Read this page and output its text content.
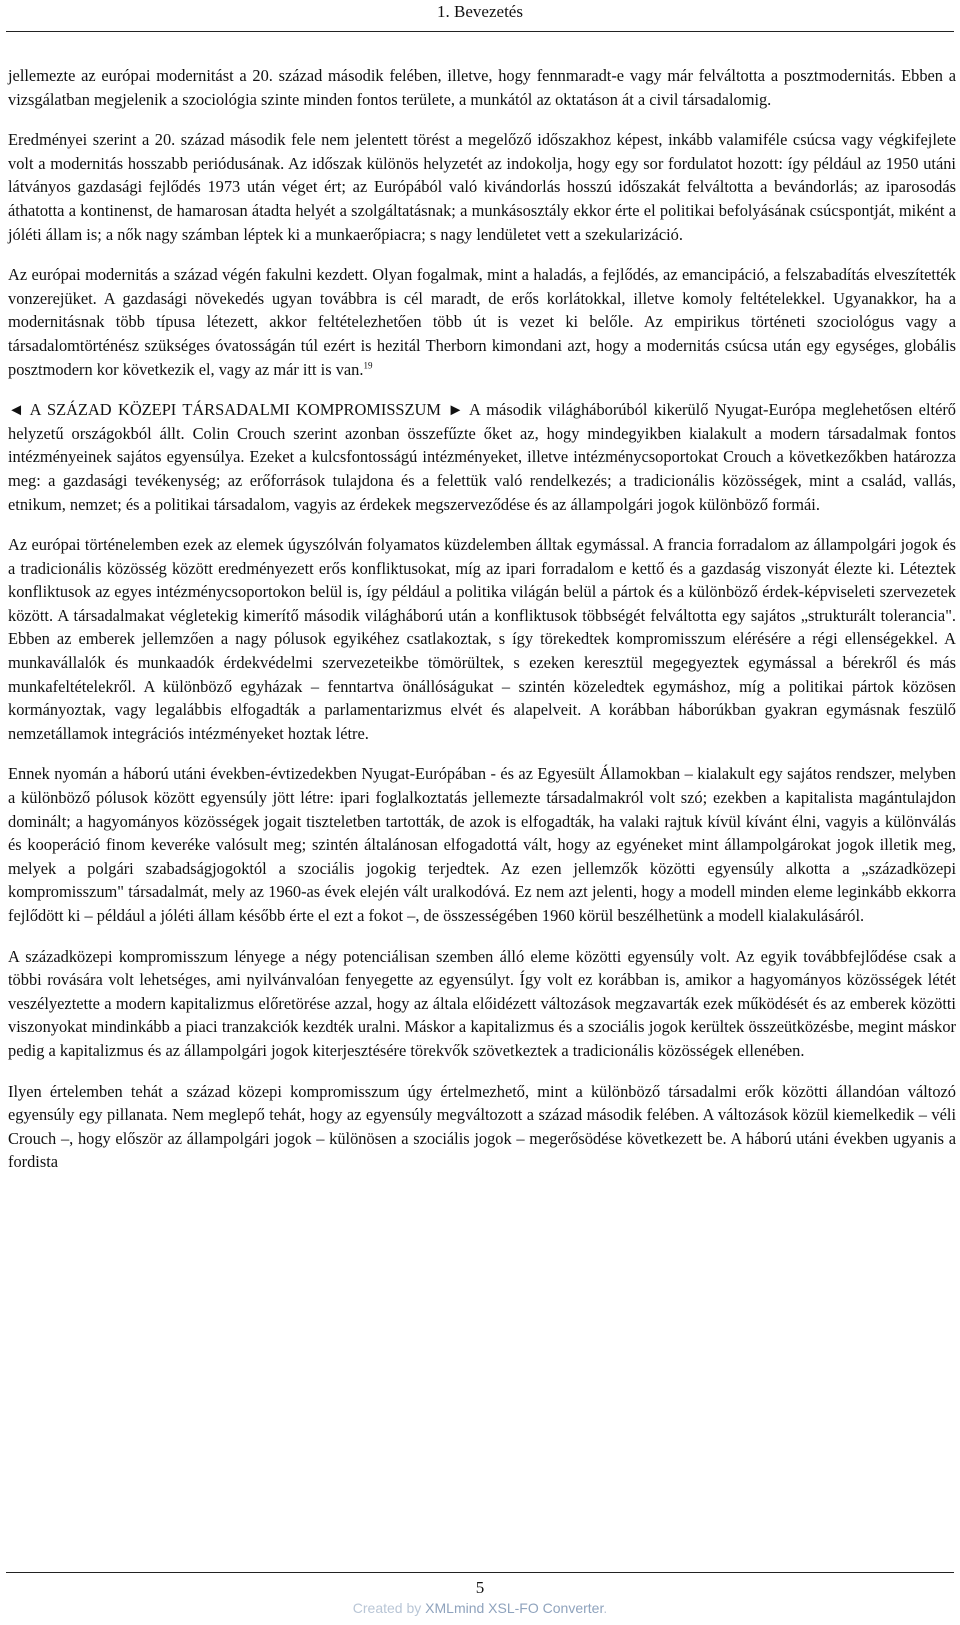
1. Bevezetés

jellemezte az európai modernitást a 20. század második felében, illetve, hogy fennmaradt-e vagy már felváltotta a posztmodernitás. Ebben a vizsgálatban megjelenik a szociológia szinte minden fontos területe, a munkától az oktatáson át a civil társadalomig.

Eredményei szerint a 20. század második fele nem jelentett törést a megelőző időszakhoz képest, inkább valamiféle csúcsa vagy végkifejlete volt a modernitás hosszabb periódusának. Az időszak különös helyzetét az indokolja, hogy egy sor fordulatot hozott: így például az 1950 utáni látványos gazdasági fejlődés 1973 után véget ért; az Európából való kivándorlás hosszú időszakát felváltotta a bevándorlás; az iparosodás áthatotta a kontinenst, de hamarosan átadta helyét a szolgáltatásnak; a munkásosztály ekkor érte el politikai befolyásának csúcspontját, miként a jóléti állam is; a nők nagy számban léptek ki a munkaerőpiacra; s nagy lendületet vett a szekularizáció.

Az európai modernitás a század végén fakulni kezdett. Olyan fogalmak, mint a haladás, a fejlődés, az emancipáció, a felszabadítás elveszítették vonzerejüket. A gazdasági növekedés ugyan továbbra is cél maradt, de erős korlátokkal, illetve komoly feltételekkel. Ugyanakkor, ha a modernitásnak több típusa létezett, akkor feltételezhetően több út is vezet ki belőle. Az empirikus történeti szociológus vagy a társadalomtörténész szükséges óvatosságán túl ezért is hezitál Therborn kimondani azt, hogy a modernitás csúcsa után egy egységes, globális posztmodern kor következik el, vagy az már itt is van.$^{19}$

◄ A SZÁZAD KÖZEPI TÁRSADALMI KOMPROMISSZUM ► A második világháborúból kikerülő Nyugat-Európa meglehetősen eltérő helyzetű országokból állt. Colin Crouch szerint azonban összefűzte őket az, hogy mindegyikben kialakult a modern társadalmak fontos intézményeinek sajátos egyensúlya. Ezeket a kulcsfontosságú intézményeket, illetve intézménycsoportokat Crouch a következőkben határozza meg: a gazdasági tevékenység; az erőforrások tulajdona és a felettük való rendelkezés; a tradicionális közösségek, mint a család, vallás, etnikum, nemzet; és a politikai társadalom, vagyis az érdekek megszerveződése és az állampolgári jogok különböző formái.

Az európai történelemben ezek az elemek úgyszólván folyamatos küzdelemben álltak egymással. A francia forradalom az állampolgári jogok és a tradicionális közösség között eredményezett erős konfliktusokat, míg az ipari forradalom e kettő és a gazdaság viszonyát élezte ki. Léteztek konfliktusok az egyes intézménycsoportokon belül is, így például a politika világán belül a pártok és a különböző érdek-képviseleti szervezetek között. A társadalmakat végletekig kimerítő második világháború után a konfliktusok többségét felváltotta egy sajátos „strukturált tolerancia". Ebben az emberek jellemzően a nagy pólusok egyikéhez csatlakoztak, s így törekedtek kompromisszum elérésére a régi ellenségekkel. A munkavállalók és munkaadók érdekvédelmi szervezeteikbe tömörültek, s ezeken keresztül megegyeztek egymással a bérekről és más munkafeltételekről. A különböző egyházak – fenntartva önállóságukat – szintén közeledtek egymáshoz, míg a politikai pártok közösen kormányoztak, vagy legalábbis elfogadták a parlamentarizmus elvét és alapelveit. A korábban háborúkban gyakran egymásnak feszülő nemzetállamok integrációs intézményeket hoztak létre.

Ennek nyomán a háború utáni években-évtizedekben Nyugat-Európában - és az Egyesült Államokban – kialakult egy sajátos rendszer, melyben a különböző pólusok között egyensúly jött létre: ipari foglalkoztatás jellemezte társadalmakról volt szó; ezekben a kapitalista magántulajdon dominált; a hagyományos közösségek jogait tiszteletben tartották, de azok is elfogadták, ha valaki rajtuk kívül kívánt élni, vagyis a különválás és kooperáció finom keveréke valósult meg; szintén általánosan elfogadottá vált, hogy az egyéneket mint állampolgárokat jogok illetik meg, melyek a polgári szabadságjogoktól a szociális jogokig terjedtek. Az ezen jellemzők közötti egyensúly alkotta a „századközepi kompromisszum" társadalmát, mely az 1960-as évek elején vált uralkodóvá. Ez nem azt jelenti, hogy a modell minden eleme leginkább ekkorra fejlődött ki – például a jóléti állam később érte el ezt a fokot –, de összességében 1960 körül beszélhetünk a modell kialakulásáról.

A századközepi kompromisszum lényege a négy potenciálisan szemben álló eleme közötti egyensúly volt. Az egyik továbbfejlődése csak a többi rovására volt lehetséges, ami nyilvánvalóan fenyegette az egyensúlyt. Így volt ez korábban is, amikor a hagyományos közösségek létét veszélyeztette a modern kapitalizmus előretörése azzal, hogy az általa előidézett változások megzavarták ezek működését és az emberek közötti viszonyokat mindinkább a piaci tranzakciók kezdték uralni. Máskor a kapitalizmus és a szociális jogok kerültek összeütközésbe, megint máskor pedig a kapitalizmus és az állampolgári jogok kiterjesztésére törekvők szövetkeztek a tradicionális közösségek ellenében.

Ilyen értelemben tehát a század közepi kompromisszum úgy értelmezhető, mint a különböző társadalmi erők közötti állandóan változó egyensúly egy pillanata. Nem meglepő tehát, hogy az egyensúly megváltozott a század második felében. A változások közül kiemelkedik – véli Crouch –, hogy először az állampolgári jogok – különösen a szociális jogok – megerősödése következett be. A háború utáni években ugyanis a fordista

5
Created by XMLmind XSL-FO Converter.
